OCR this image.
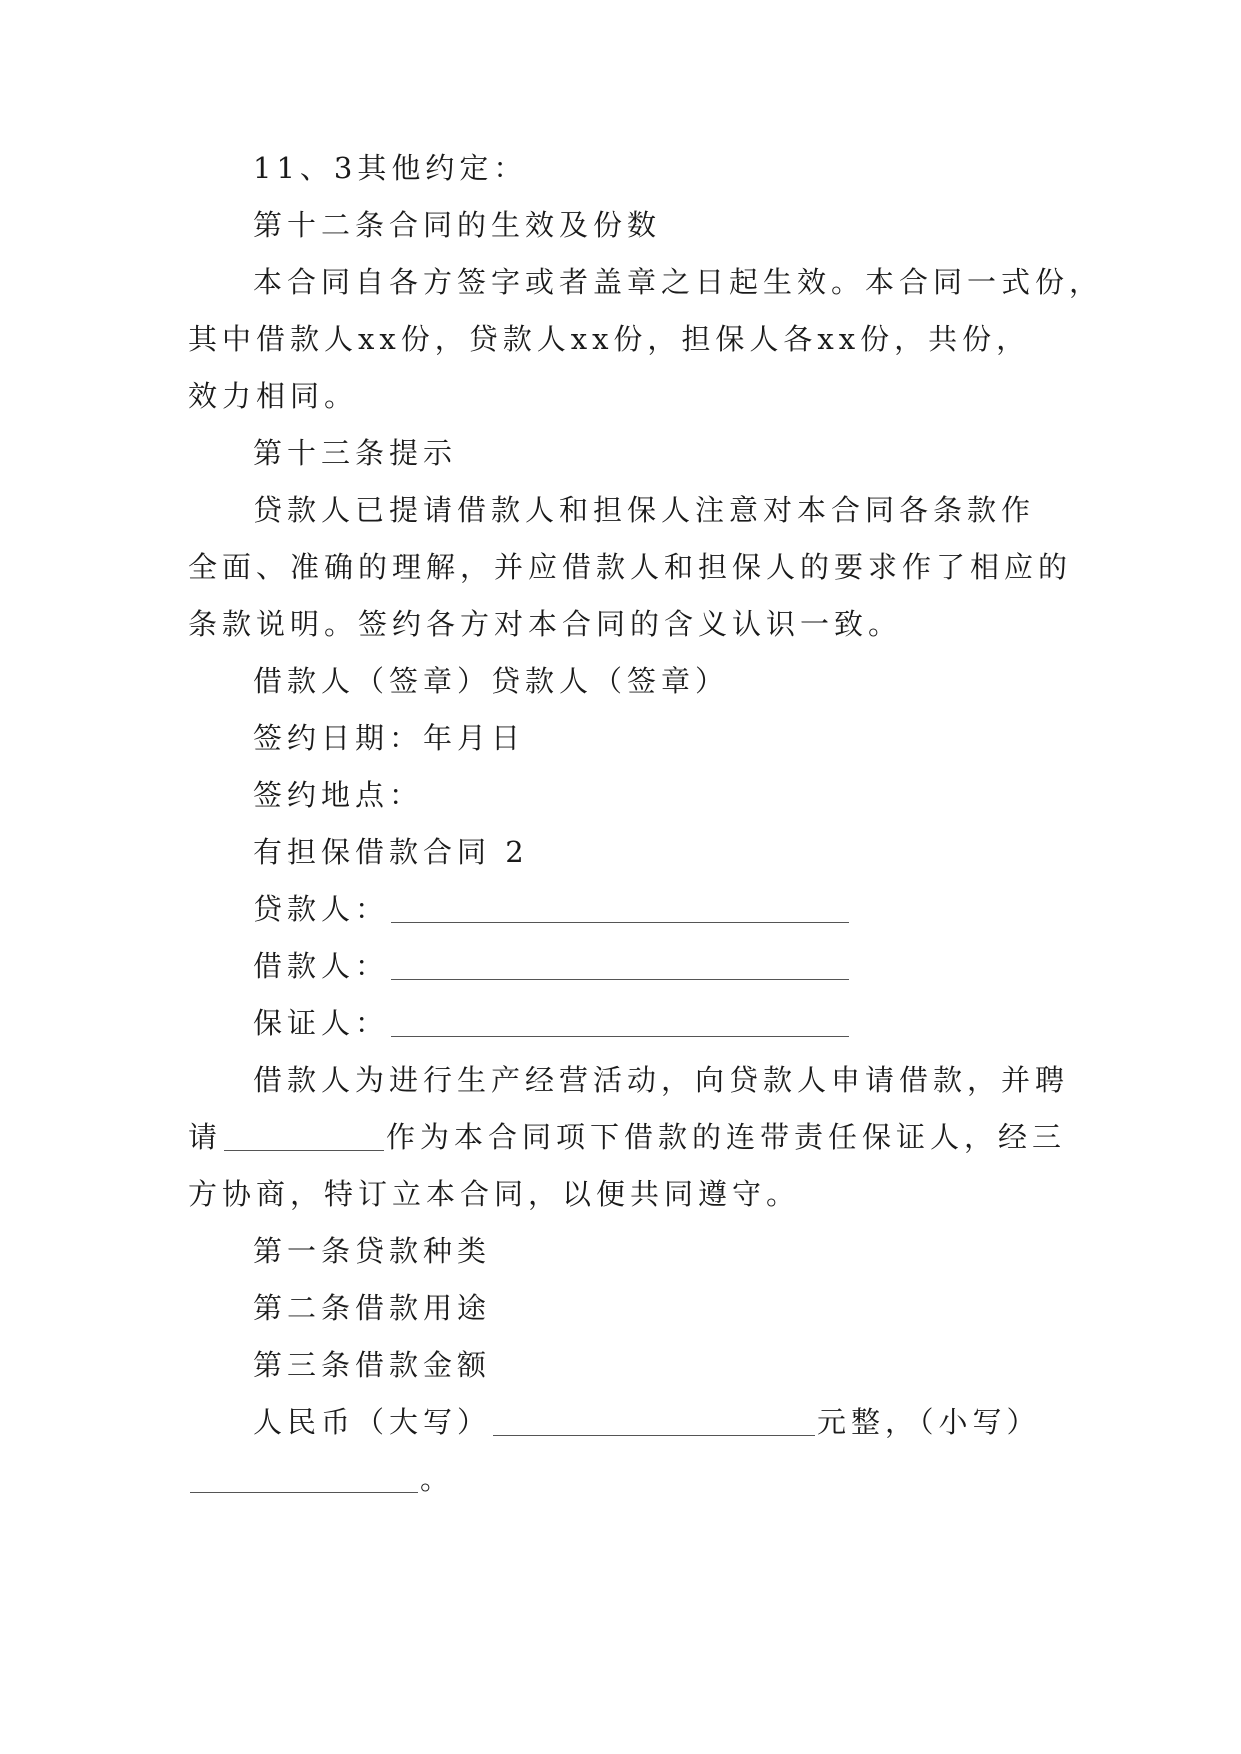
11、3其他约定：
第十二条合同的生效及份数
本合同自各方签字或者盖章之日起生效。本合同一式份，
其中借款人xx份，贷款人xx份，担保人各xx份，共份，
效力相同。
第十三条提示
贷款人已提请借款人和担保人注意对本合同各条款作
全面、准确的理解，并应借款人和担保人的要求作了相应的
条款说明。签约各方对本合同的含义认识一致。
借款人（签章）贷款人（签章）
签约日期：年月日
签约地点：
有担保借款合同 2
贷款人：
借款人：
保证人：
借款人为进行生产经营活动，向贷款人申请借款，并聘
请	作为本合同项下借款的连带责任保证人，经三
方协商，特订立本合同，以便共同遵守。
第一条贷款种类
第二条借款用途
第三条借款金额
人民币（大写）	元整，（小写）
。
